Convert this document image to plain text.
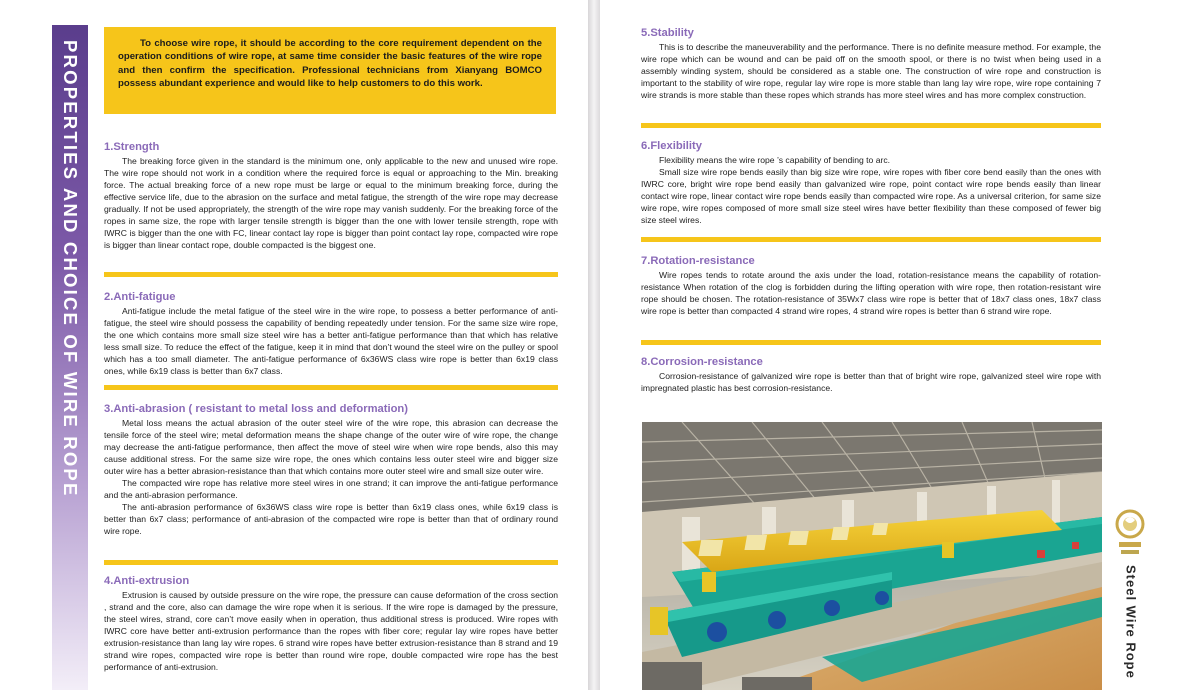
PROPERTIES AND CHOICE OF WIRE ROPE	To choose wire rope, it should be according to the core requirement dependent on the operation conditions of wire rope, at same time consider the basic features of the wire rope and then confirm the specification. Professional technicians from Xianyang BOMCO possess abundant experience and would like to help customers to do this work.

1.Strength

The breaking force given in the standard is the minimum one, only applicable to the new and unused wire rope. The wire rope should not work in a condition where the required force is equal or approaching to the Min. breaking force. The actual breaking force of a new rope must be large or equal to the minimum breaking force, during the effective service life, due to the abrasion on the surface and metal fatigue, the strength of the wire rope may decrease gradually. If not be used appropriately, the strength of the wire rope may vanish suddenly. For the breaking force of the ropes in same size, the rope with larger tensile strength is bigger than the one with lower tensile strength, rope with IWRC is bigger than the one with FC, linear contact lay rope is bigger than point contact lay rope, compacted wire rope is bigger than linear contact rope, double compacted is the biggest one.

2.Anti-fatigue

Anti-fatigue include the metal fatigue of the steel wire in the wire rope, to possess a better performance of anti-fatigue, the steel wire should possess the capability of bending repeatedly under tension. For the same size wire rope, the one which contains more small size steel wire has a better anti-fatigue performance than that which has relative less small size. To reduce the effect of the fatigue, keep it in mind that don’t wound the steel wire on the pulley or spool which has a too small diameter. The anti-fatigue performance of 6x36WS class wire rope is better than 6x19 class ones, while 6x19 class is better than 6x7 class.

3.Anti-abrasion ( resistant to metal loss and deformation)

Metal loss means the actual abrasion of the outer steel wire of the wire rope, this abrasion can decrease the tensile force of the steel wire; metal deformation means the shape change of the outer wire of wire rope, the change may decrease the anti-fatigue performance, then affect the move of steel wire when wire rope bends, also this may cause additional stress. For the same size wire rope, the ones which contains less outer steel wire and bigger size outer wire has a better abrasion-resistance than that which contains more outer steel wire and small size outer wire.

The compacted wire rope has relative more steel wires in one strand; it can improve the anti-fatigue performance and the anti-abrasion performance.

The anti-abrasion performance of 6x36WS class wire rope is better than 6x19 class ones, while 6x19 class is better than 6x7 class; performance of anti-abrasion of the compacted wire rope is better than that of ordinary round wire rope.

4.Anti-extrusion

Extrusion is caused by outside pressure on the wire rope, the pressure can cause deformation of the cross section , strand and the core, also can damage the wire rope when it is serious. If the wire rope is damaged by the pressure, the steel wires, strand, core can’t move easily when in operation, thus additional stress is produced. Wire ropes with IWRC core have better anti-extrusion performance than the ropes with fiber core; regular lay wire ropes have better extrusion-resistance than lang lay wire ropes. 6 strand wire ropes have better extrusion-resistance than 8 strand and 19 strand wire ropes, compacted wire rope is better than round wire rope, double compacted wire rope has the best performance of anti-extrusion.

5.Stability

This is to describe the maneuverability and the performance. There is no definite measure method. For example, the wire rope which can be wound and can be paid off on the smooth spool, or there is no twist when being used in a assembly winding system, should be considered as a stable one. The construction of wire rope and construction is important to the stability of wire rope, regular lay wire rope is more stable than lang lay wire rope, wire rope containing 7 wire strands is more stable than these ropes which strands has more steel wires and has more complex construction.

6.Flexibility

Flexibility means the wire rope ’s capability of bending to arc.

Small size wire rope bends easily than big size wire rope, wire ropes with fiber core bend easily than the ones with IWRC core, bright wire rope bend easily than galvanized wire rope, point contact wire rope bends easily than linear contact wire rope, linear contact wire rope bends easily than compacted wire rope. As a universal criterion, for same size wire rope, wire ropes composed of more small size steel wires have better flexibility than these composed of fewer big size steel wires.

7.Rotation-resistance

Wire ropes tends to rotate around the axis under the load, rotation-resistance means the capability of rotation-resistance When rotation of the clog is forbidden during the lifting operation with wire rope, then rotation-resistant wire rope should be chosen. The rotation-resistance of 35Wx7 class wire rope is better that of 18x7 class ones, 18x7 class wire rope is better than compacted 4 strand wire ropes, 4 strand wire ropes is better than 6 strand wire rope.

8.Corrosion-resistance

Corrosion-resistance of galvanized wire rope is better than that of bright wire rope, galvanized steel wire rope with impregnated plastic has best corrosion-resistance.

Steel Wire Rope
